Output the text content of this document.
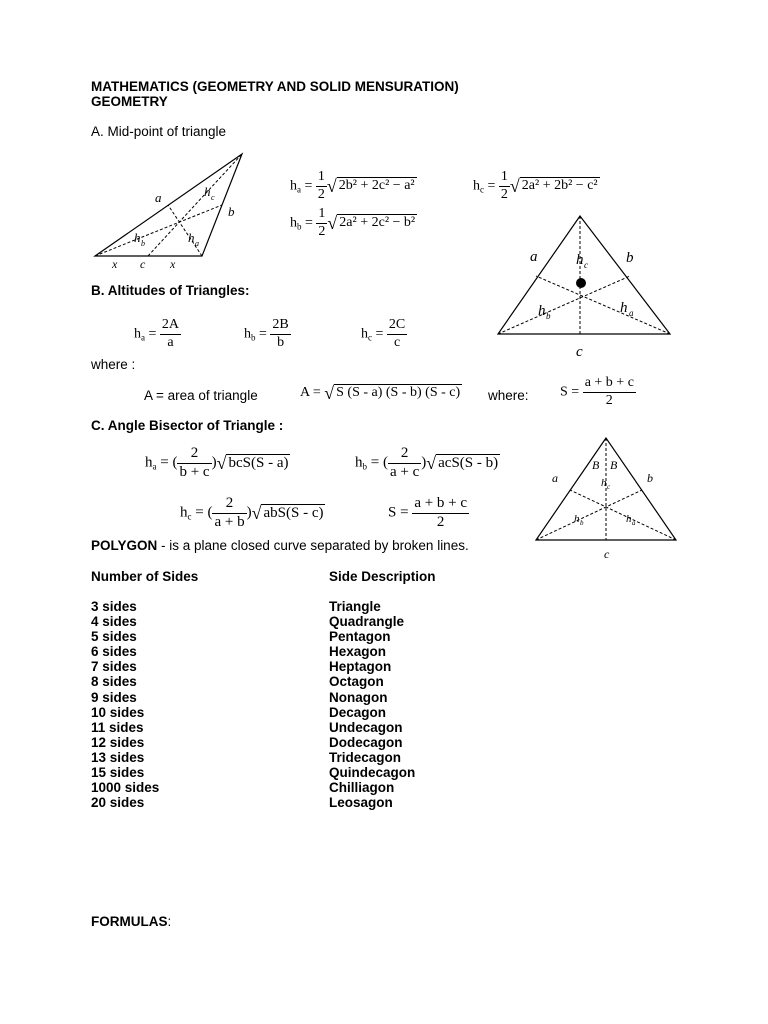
MATHEMATICS (GEOMETRY AND SOLID MENSURATION)
GEOMETRY
A. Mid-point of triangle
a
b
h c
h b	h a
x c x
$h_a = \frac{1}{2}$ √ 2b² + 2c² − a²
$h_b = \frac{1}{2}$ √ 2a² + 2c² − b²
$h_c = \frac{1}{2}$ √ 2a² + 2b² − c²
B. Altitudes of Triangles:
$h_a = \frac{2A}{a}$	$h_b = \frac{2B}{b}$	$h_c = \frac{2C}{c}$
where :
A = area of triangle	A = √ S (S - a) (S - b) (S - c) where: $S = \frac{a + b + c}{2}$
a	b
h c
h b	h a
c
C. Angle Bisector of Triangle :
$h_a$ = ( $\frac{2}{b + c}$ )√ bcS(S - a)	$h_b$ = ( $\frac{2}{a + c}$ )√ acS(S - b)
$h_c$ = ( $\frac{2}{a + b}$ )√ abS(S - c)	$S = \frac{a + b + c}{2}$
B B
a	b
h c
h b	h a
c
POLYGON - is a plane closed curve separated by broken lines.
Number of Sides	Side Description
3 sides	Triangle
4 sides	Quadrangle
5 sides	Pentagon
6 sides	Hexagon
7 sides	Heptagon
8 sides	Octagon
9 sides	Nonagon
10 sides	Decagon
11 sides	Undecagon
12 sides	Dodecagon
13 sides	Tridecagon
15 sides	Quindecagon
1000 sides	Chilliagon
20 sides	Leosagon
FORMULAS:
